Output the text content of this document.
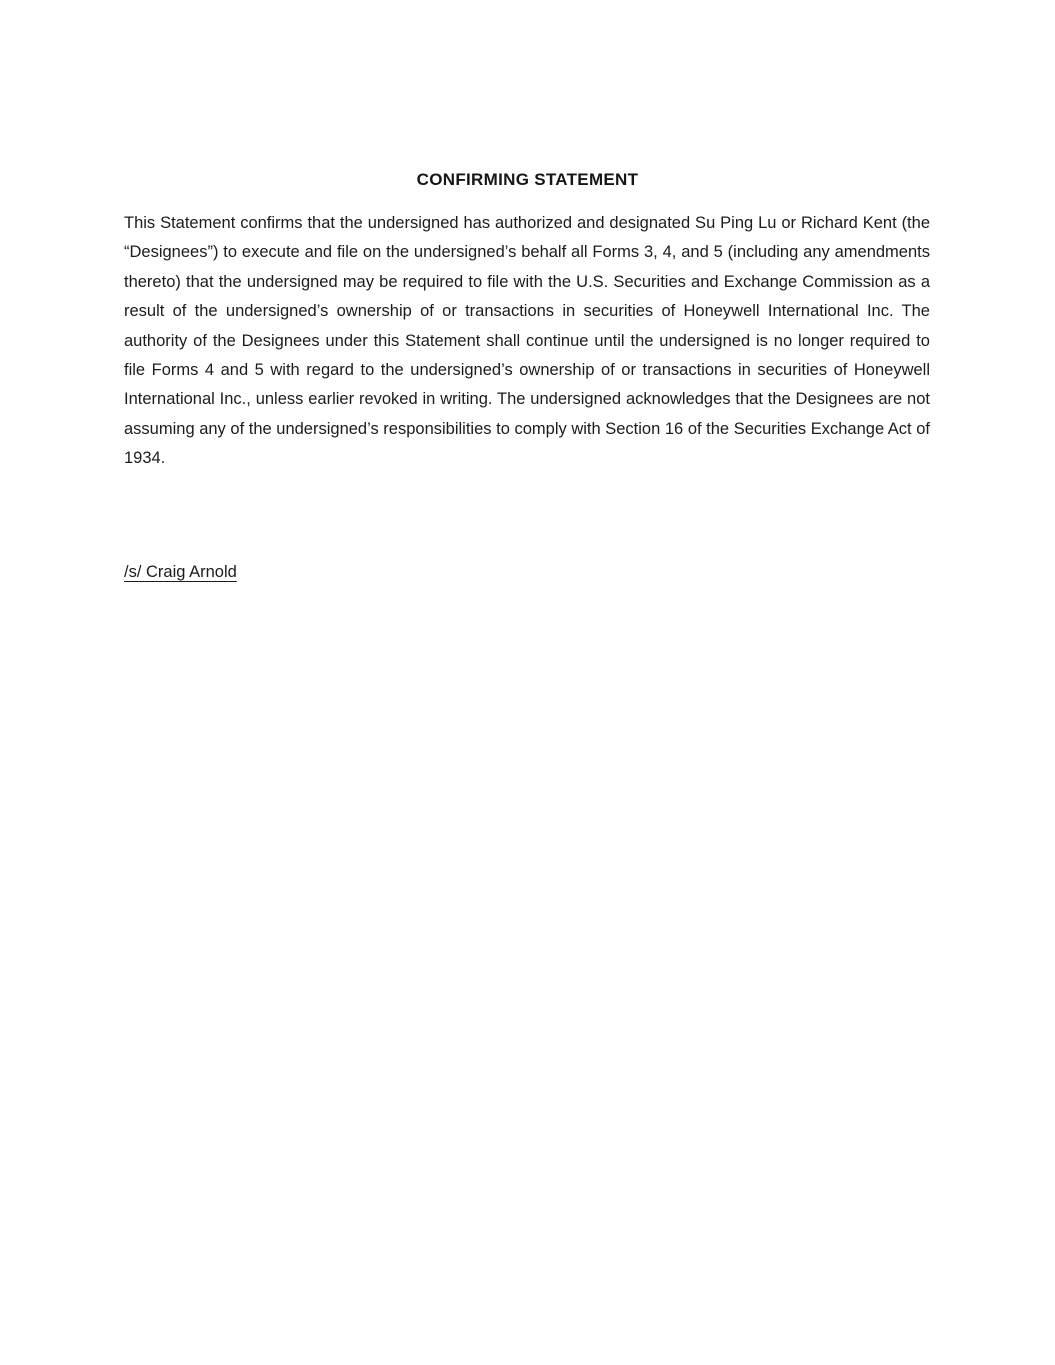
CONFIRMING STATEMENT

This Statement confirms that the undersigned has authorized and designated Su Ping Lu or Richard Kent (the “Designees”) to execute and file on the undersigned’s behalf all Forms 3, 4, and 5 (including any amendments thereto) that the undersigned may be required to file with the U.S. Securities and Exchange Commission as a result of the undersigned’s ownership of or transactions in securities of Honeywell International Inc. The authority of the Designees under this Statement shall continue until the undersigned is no longer required to file Forms 4 and 5 with regard to the undersigned’s ownership of or transactions in securities of Honeywell International Inc., unless earlier revoked in writing. The undersigned acknowledges that the Designees are not assuming any of the undersigned’s responsibilities to comply with Section 16 of the Securities Exchange Act of 1934.

/s/ Craig Arnold
